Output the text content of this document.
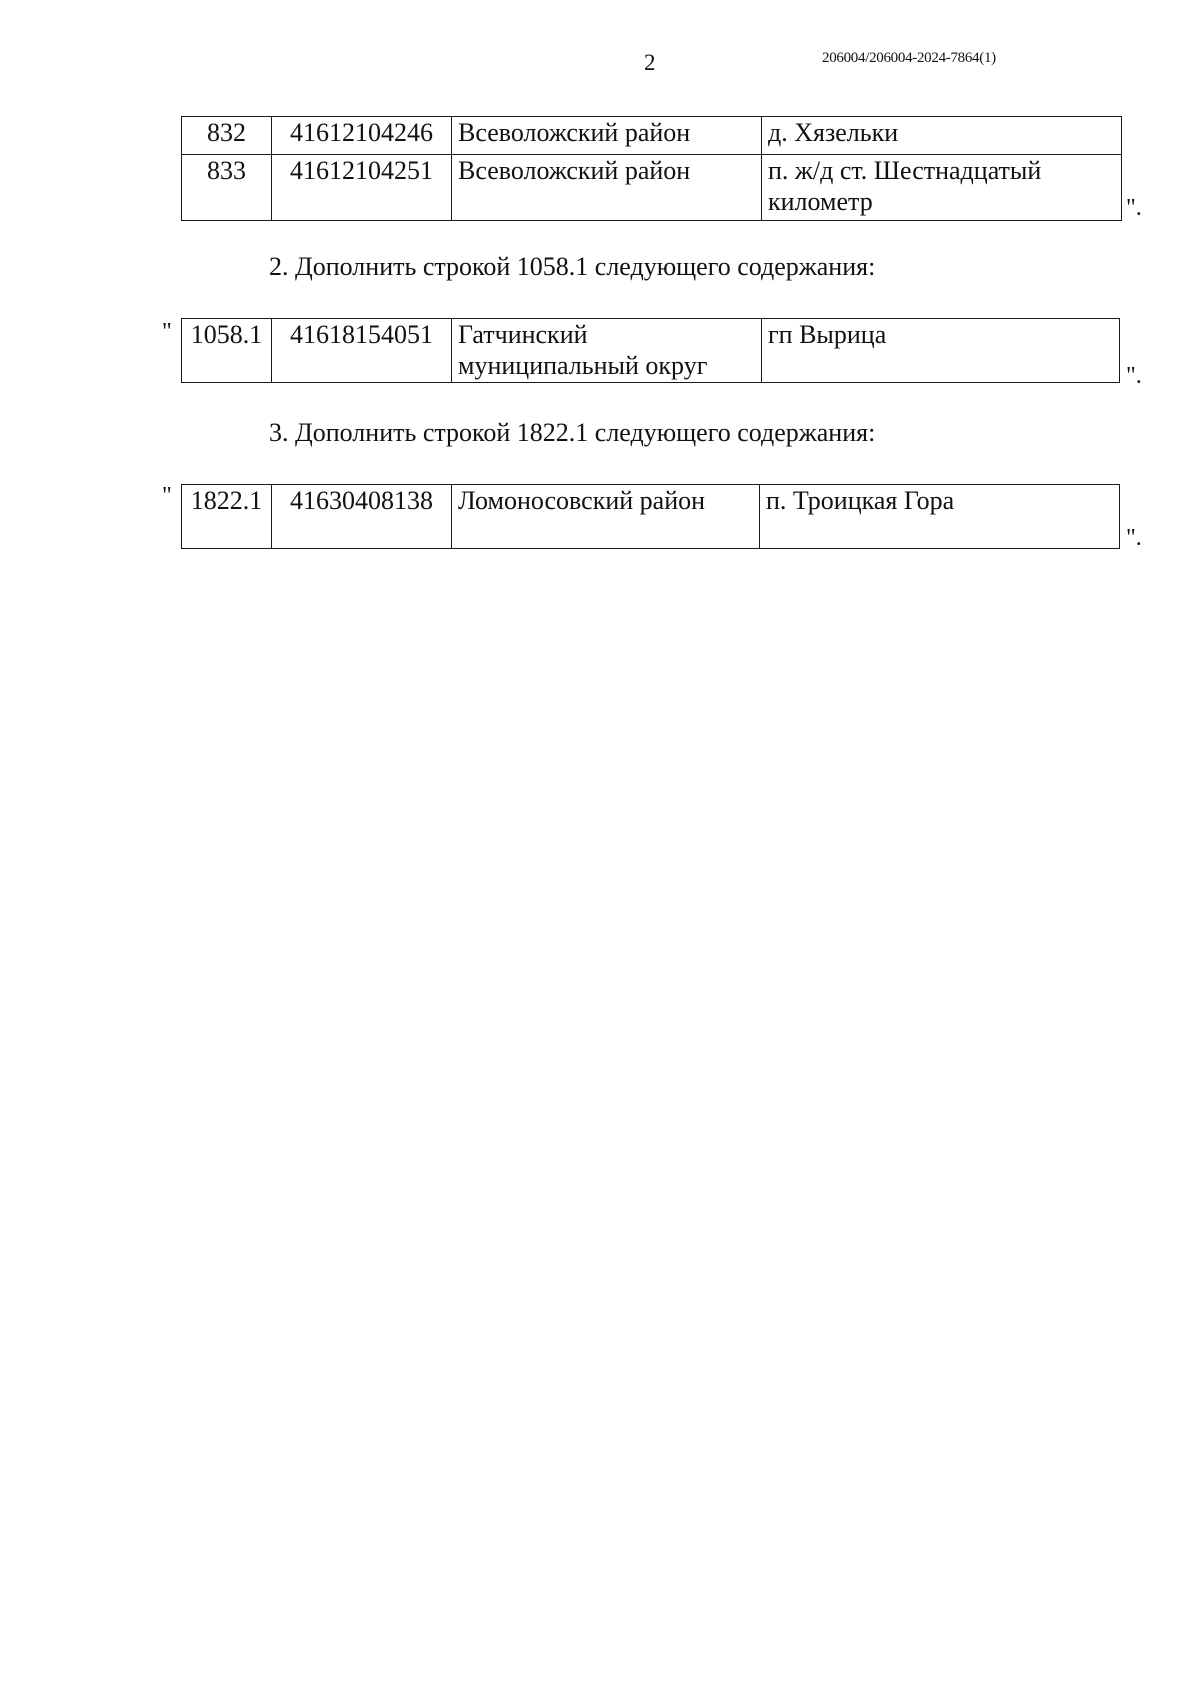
2	206004/206004-2024-7864(1)
832	41612104246	Всеволожский район	д. Хязельки
833	41612104251	Всеволожский район	п. ж/д ст. Шестнадцатый километр	".
2. Дополнить строкой 1058.1 следующего содержания:
" 1058.1	41618154051	Гатчинский муниципальный округ	гп Вырица
".
3. Дополнить строкой 1822.1 следующего содержания:
" 1822.1	41630408138	Ломоносовский район	п. Троицкая Гора
".
